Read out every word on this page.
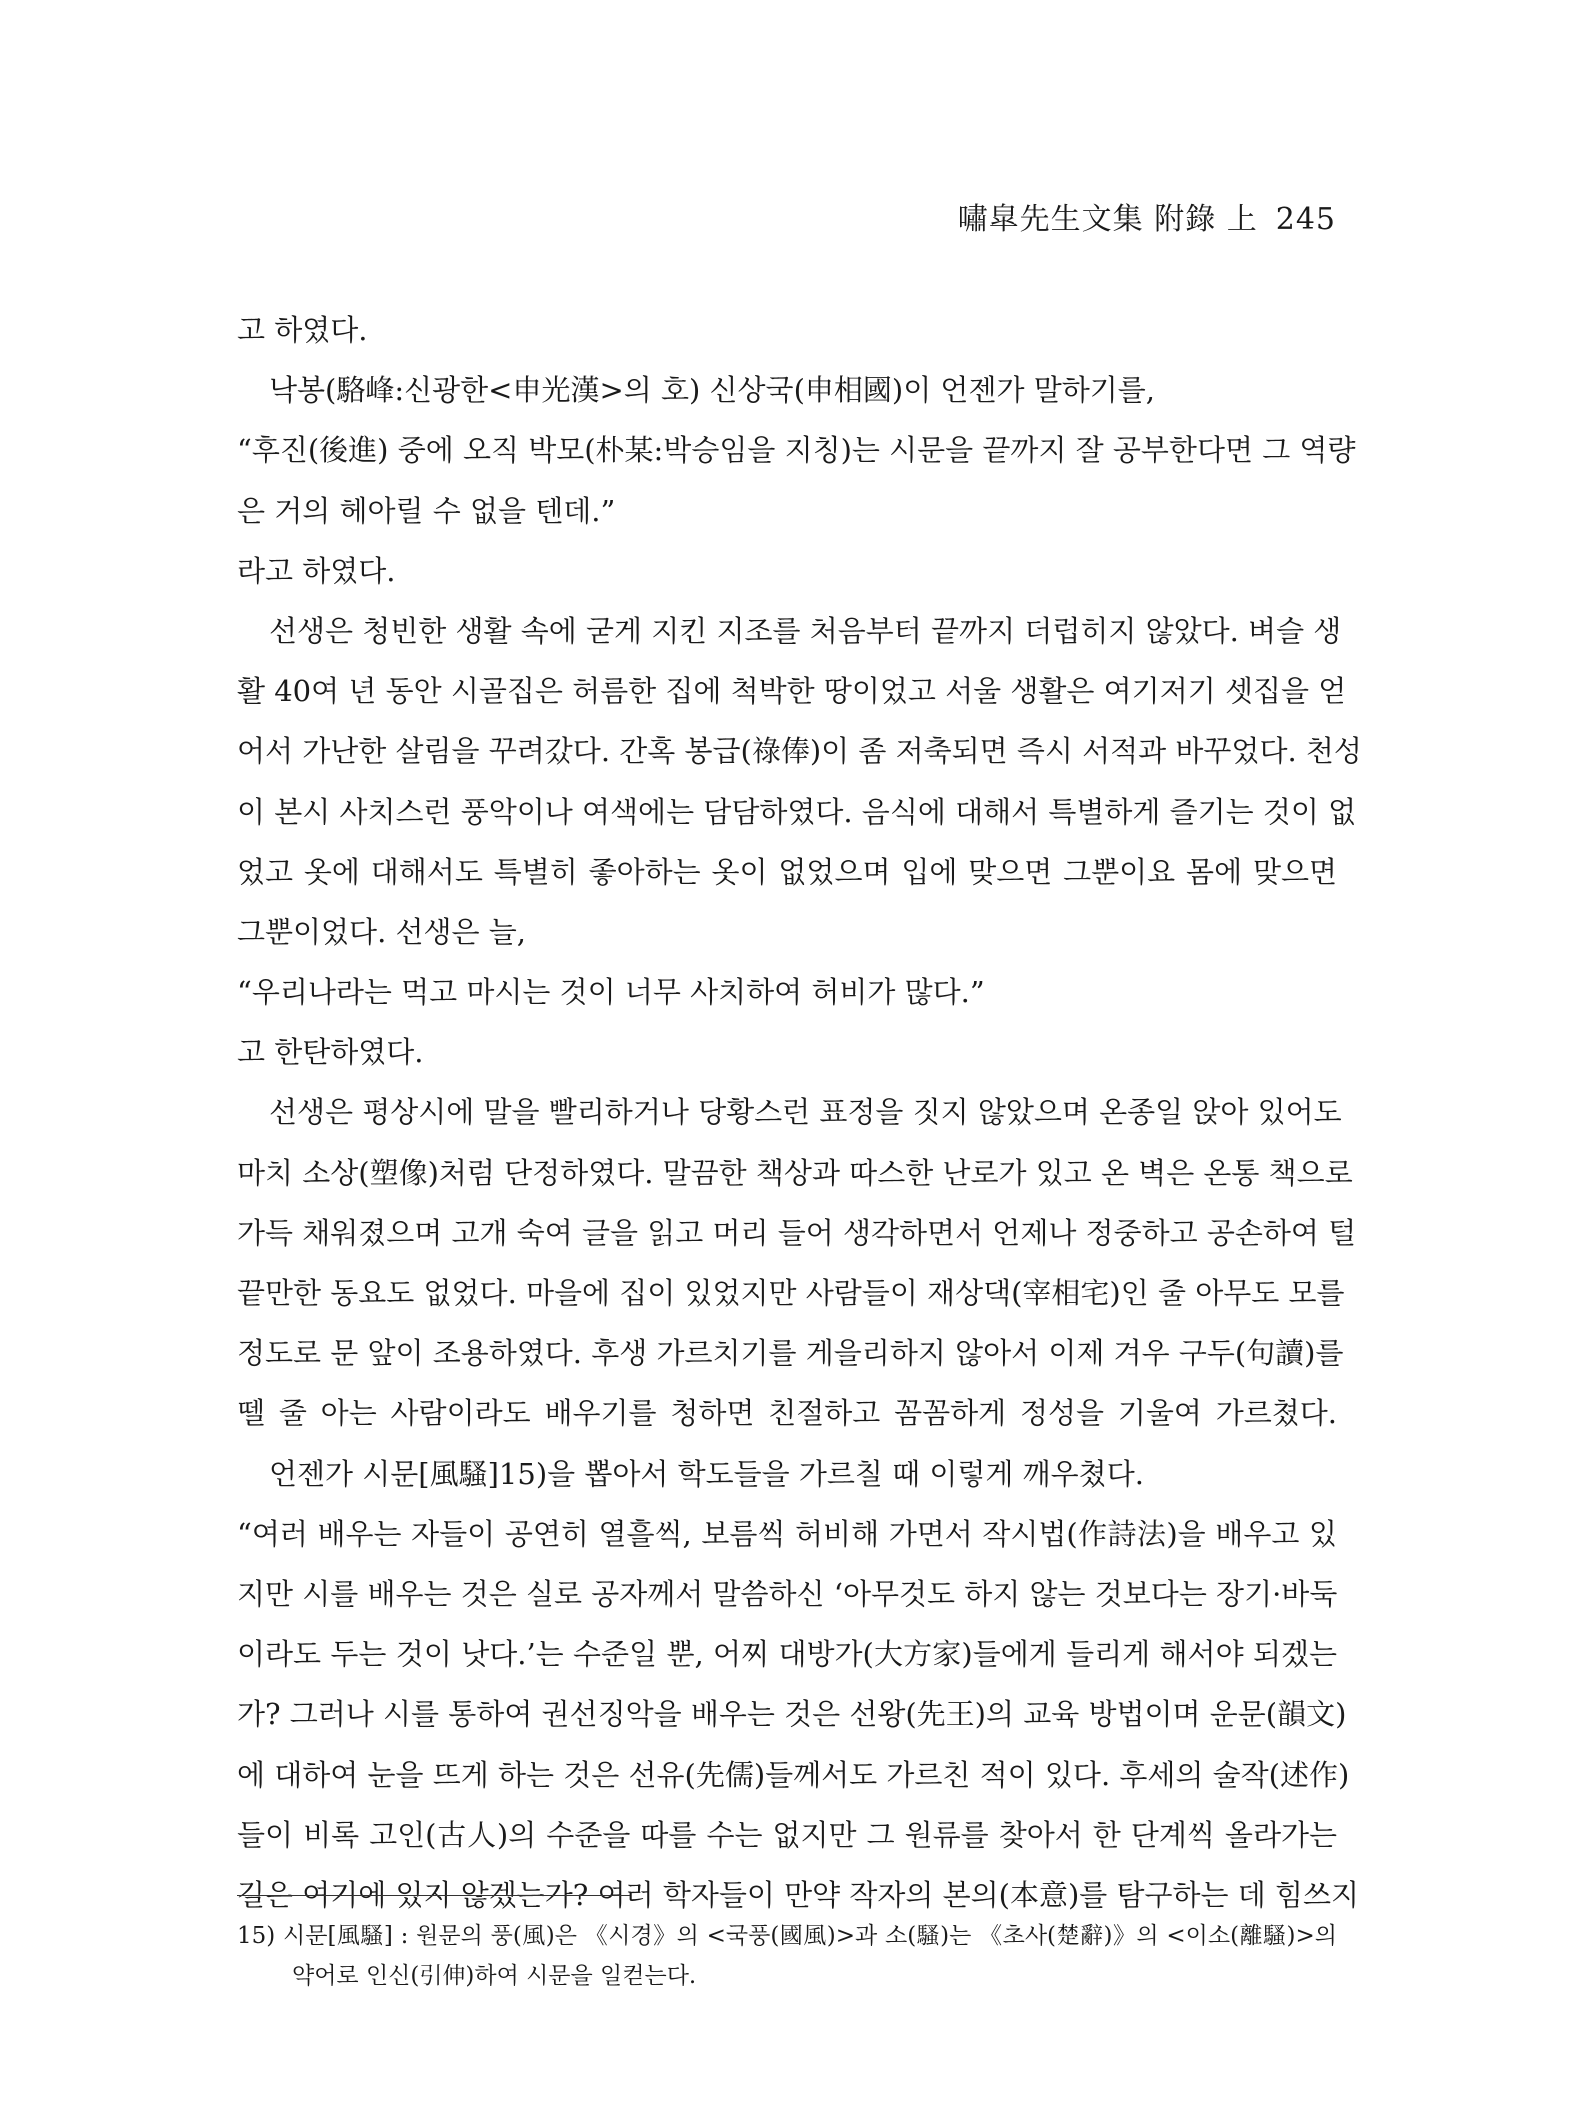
嘯皐先生文集 附錄 上 245
고 하였다.
낙봉(駱峰:신광한<申光漢>의 호) 신상국(申相國)이 언젠가 말하기를,
“후진(後進) 중에 오직 박모(朴某:박승임을 지칭)는 시문을 끝까지 잘 공부한다면 그 역량
은 거의 헤아릴 수 없을 텐데.”
라고 하였다.
선생은 청빈한 생활 속에 굳게 지킨 지조를 처음부터 끝까지 더럽히지 않았다. 벼슬 생
활 40여 년 동안 시골집은 허름한 집에 척박한 땅이었고 서울 생활은 여기저기 셋집을 얻
어서 가난한 살림을 꾸려갔다. 간혹 봉급(祿俸)이 좀 저축되면 즉시 서적과 바꾸었다. 천성
이 본시 사치스런 풍악이나 여색에는 담담하였다. 음식에 대해서 특별하게 즐기는 것이 없
었고 옷에 대해서도 특별히 좋아하는 옷이 없었으며 입에 맞으면 그뿐이요 몸에 맞으면
그뿐이었다. 선생은 늘,
“우리나라는 먹고 마시는 것이 너무 사치하여 허비가 많다.”
고 한탄하였다.
선생은 평상시에 말을 빨리하거나 당황스런 표정을 짓지 않았으며 온종일 앉아 있어도
마치 소상(塑像)처럼 단정하였다. 말끔한 책상과 따스한 난로가 있고 온 벽은 온통 책으로
가득 채워졌으며 고개 숙여 글을 읽고 머리 들어 생각하면서 언제나 정중하고 공손하여 털
끝만한 동요도 없었다. 마을에 집이 있었지만 사람들이 재상댁(宰相宅)인 줄 아무도 모를
정도로 문 앞이 조용하였다. 후생 가르치기를 게을리하지 않아서 이제 겨우 구두(句讀)를
뗄 줄 아는 사람이라도 배우기를 청하면 친절하고 꼼꼼하게 정성을 기울여 가르쳤다.
언젠가 시문[風騷]15)을 뽑아서 학도들을 가르칠 때 이렇게 깨우쳤다.
“여러 배우는 자들이 공연히 열흘씩, 보름씩 허비해 가면서 작시법(作詩法)을 배우고 있
지만 시를 배우는 것은 실로 공자께서 말씀하신 ‘아무것도 하지 않는 것보다는 장기·바둑
이라도 두는 것이 낫다.’는 수준일 뿐, 어찌 대방가(大方家)들에게 들리게 해서야 되겠는
가? 그러나 시를 통하여 권선징악을 배우는 것은 선왕(先王)의 교육 방법이며 운문(韻文)
에 대하여 눈을 뜨게 하는 것은 선유(先儒)들께서도 가르친 적이 있다. 후세의 술작(述作)
들이 비록 고인(古人)의 수준을 따를 수는 없지만 그 원류를 찾아서 한 단계씩 올라가는
길은 여기에 있지 않겠는가? 여러 학자들이 만약 작자의 본의(本意)를 탐구하는 데 힘쓰지
15) 시문[風騷] : 원문의 풍(風)은 《시경》의 <국풍(國風)>과 소(騷)는 《초사(楚辭)》의 <이소(離騷)>의
약어로 인신(引伸)하여 시문을 일컫는다.
